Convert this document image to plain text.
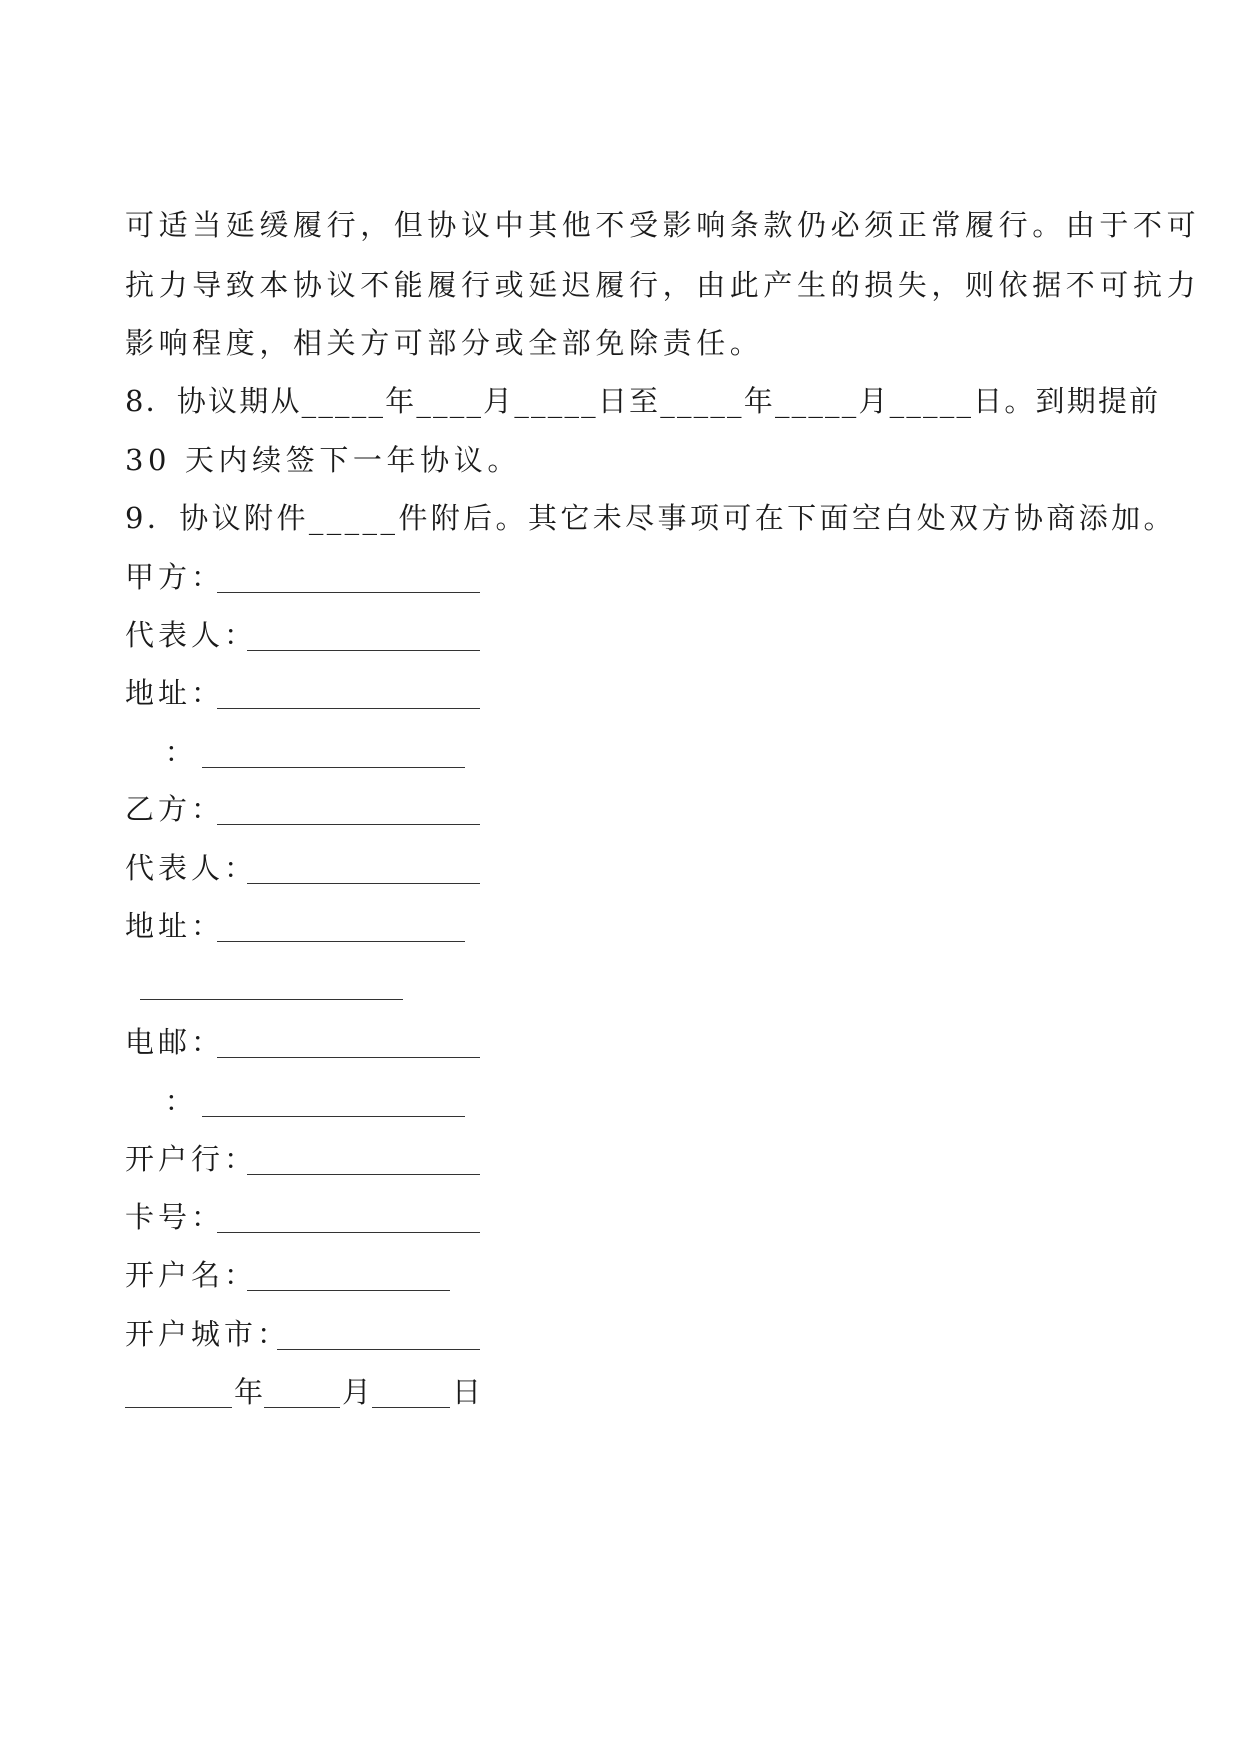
可适当延缓履行，但协议中其他不受影响条款仍必须正常履行。由于不可
抗力导致本协议不能履行或延迟履行，由此产生的损失，则依据不可抗力
影响程度，相关方可部分或全部免除责任。
8．协议期从_____年____月_____日至_____年_____月_____日。到期提前
30 天内续签下一年协议。
9．协议附件_____件附后。其它未尽事项可在下面空白处双方协商添加。
甲方：
代表人：
地址：
：
乙方：
代表人：
地址：
电邮：
：
开户行：
卡号：
开户名：
开户城市：
年	月	日
